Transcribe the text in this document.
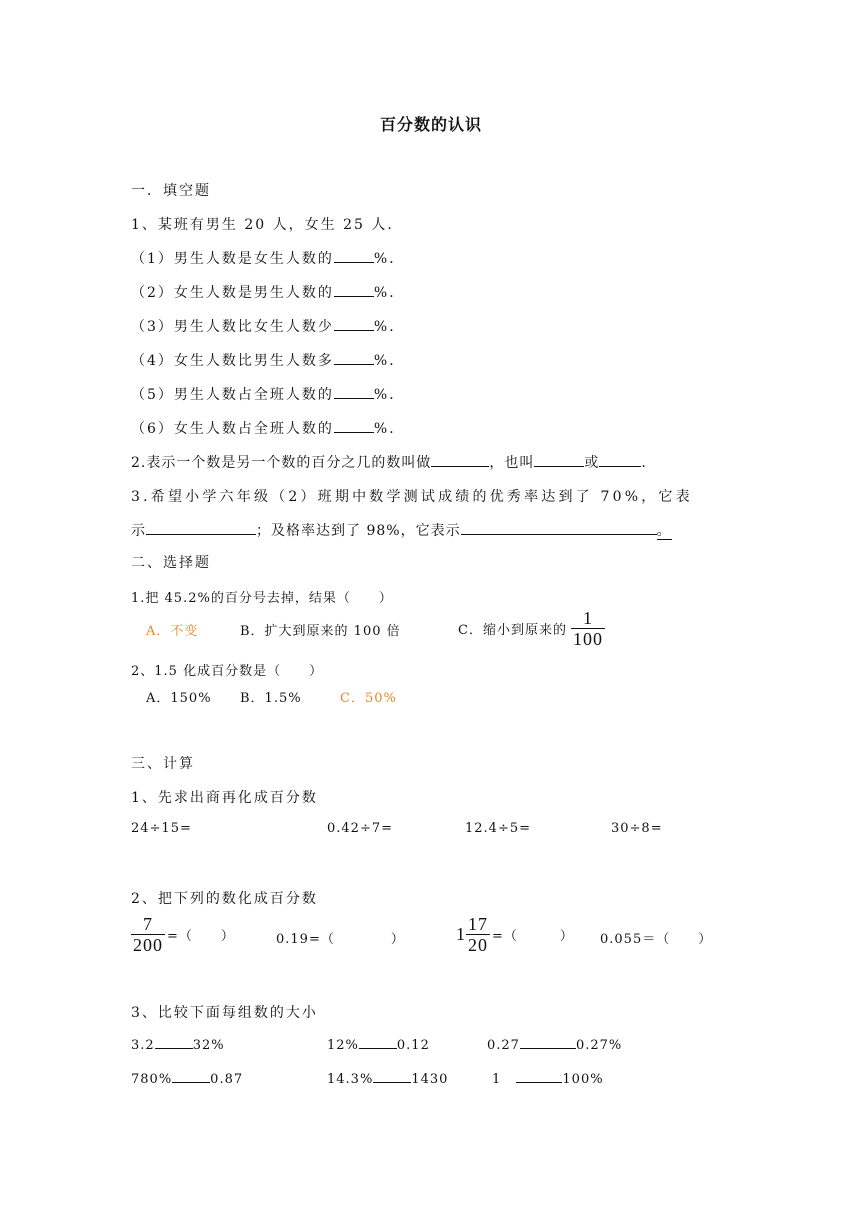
百分数的认识
一．填空题
1、某班有男生 20 人，女生 25 人．
（1）男生人数是女生人数的	%．
（2）女生人数是男生人数的	%．
（3）男生人数比女生人数少	%．
（4）女生人数比男生人数多	%．
（5）男生人数占全班人数的	%．
（6）女生人数占全班人数的	%．
2.表示一个数是另一个数的百分之几的数叫做	，也叫	或	.
3.希望小学六年级（2）班期中数学测试成绩的优秀率达到了 70%，它表
示	；及格率达到了 98%，它表示	。
二、选择题
1.把 45.2%的百分号去掉，结果（　　）
A．不变	B．扩大到原来的 100 倍	C．缩小到原来的 $\frac{1}{100}$
2、1.5 化成百分数是（　　）
A．150% B．1.5%	C．50%
三、计算
1、先求出商再化成百分数
24÷15=	0.42÷7=	12.4÷5=	30÷8=
2、把下列的数化成百分数
$\frac{7}{200}$ =（　　）	0.19=（　　　　）	$1 \frac{17}{20}$ =（　　　） 0.055＝（　　）
3、比较下面每组数的大小
3.2	32%	12%	0.12	0.27	0.27%
780%	0.87	14.3%	1430	1	100%
